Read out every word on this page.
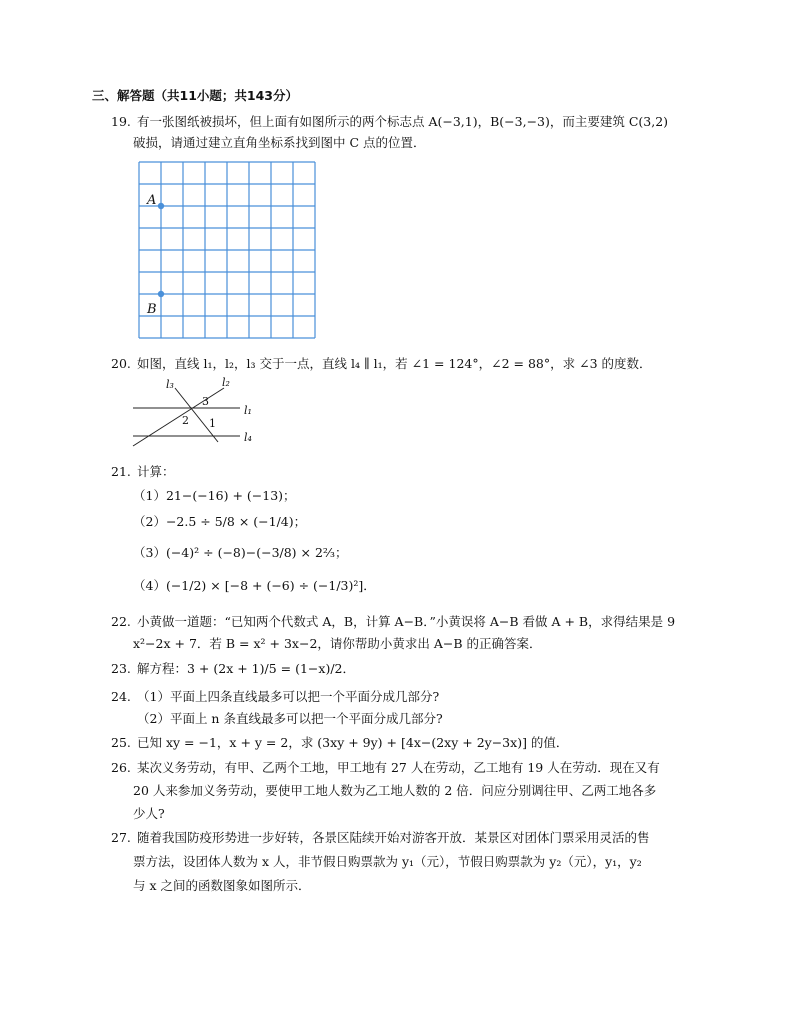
三、解答题（共11小题；共143分）
19. 有一张图纸被损坏，但上面有如图所示的两个标志点 A(−3,1)，B(−3,−3)，而主要建筑 C(3,2)
破损，请通过建立直角坐标系找到图中 C 点的位置．
A
B
20. 如图，直线 l₁，l₂，l₃ 交于一点，直线 l₄ ∥ l₁，若 ∠1 = 124°，∠2 = 88°，求 ∠3 的度数．
l₃	l₂
l₁
l₄
3
2 1
21. 计算：
（1）21−(−16) + (−13)；
（2）−2.5 ÷ 5/8 × (−1/4)；
（3）(−4)² ÷ (−8)−(−3/8) × 2⅔；
（4）(−1/2) × [−8 + (−6) ÷ (−1/3)²]．
22. 小黄做一道题：“已知两个代数式 A，B，计算 A−B．”小黄误将 A−B 看做 A + B，求得结果是 9
x²−2x + 7．若 B = x² + 3x−2，请你帮助小黄求出 A−B 的正确答案．
23. 解方程：3 + (2x + 1)/5 = (1−x)/2．
24. （1）平面上四条直线最多可以把一个平面分成几部分?
（2）平面上 n 条直线最多可以把一个平面分成几部分?
25. 已知 xy = −1，x + y = 2，求 (3xy + 9y) + [4x−(2xy + 2y−3x)] 的值．
26. 某次义务劳动，有甲、乙两个工地，甲工地有 27 人在劳动，乙工地有 19 人在劳动．现在又有
20 人来参加义务劳动，要使甲工地人数为乙工地人数的 2 倍．问应分别调往甲、乙两工地各多
少人?
27. 随着我国防疫形势进一步好转，各景区陆续开始对游客开放．某景区对团体门票采用灵活的售
票方法，设团体人数为 x 人，非节假日购票款为 y₁（元），节假日购票款为 y₂（元），y₁，y₂
与 x 之间的函数图象如图所示．
